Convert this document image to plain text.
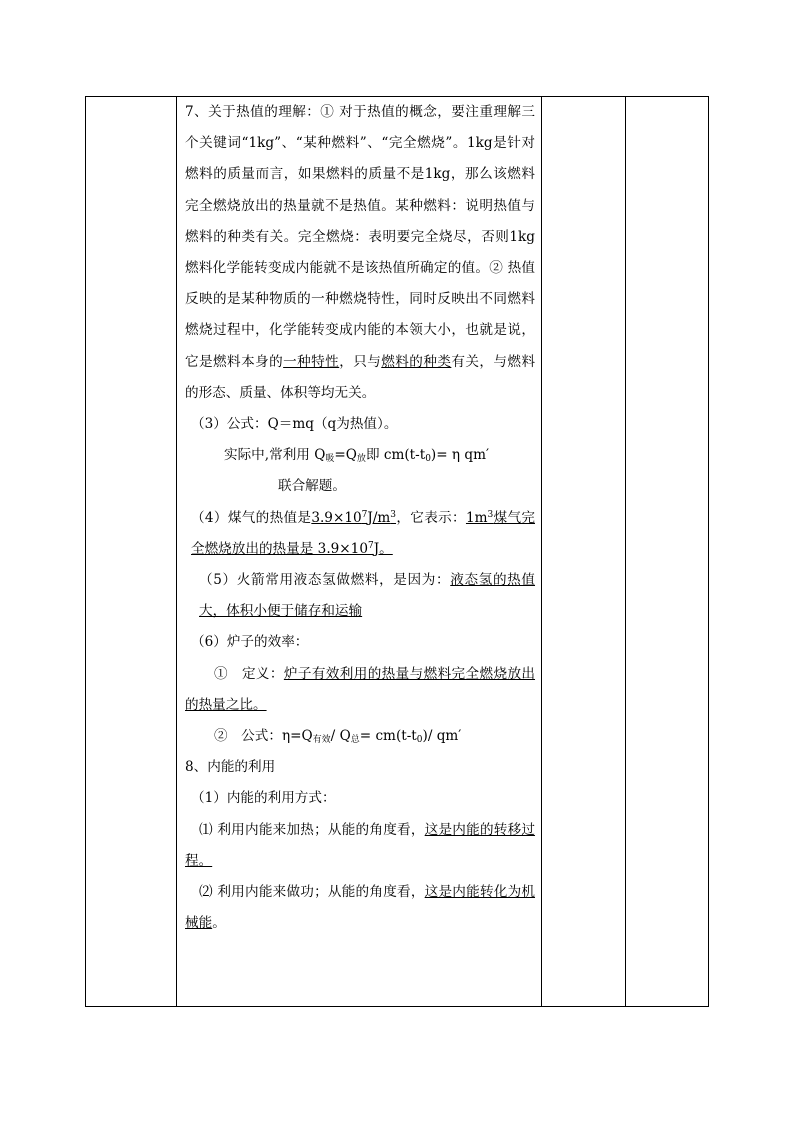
7、关于热值的理解：① 对于热值的概念，要注重理解三个关键词“1kg”、“某种燃料”、“完全燃烧”。1kg是针对燃料的质量而言，如果燃料的质量不是1kg，那么该燃料完全燃烧放出的热量就不是热值。某种燃料：说明热值与燃料的种类有关。完全燃烧：表明要完全烧尽，否则1kg燃料化学能转变成内能就不是该热值所确定的值。② 热值反映的是某种物质的一种燃烧特性，同时反映出不同燃料燃烧过程中，化学能转变成内能的本领大小，也就是说，它是燃料本身的一种特性，只与燃料的种类有关，与燃料的形态、质量、体积等均无关。

（3）公式：Q＝mq（q为热值）。

实际中,常利用 $Q_吸=Q_放$即 $cm(t-t_0)= \eta$ qm′

联合解题。

（4）煤气的热值是$3.9\times 10^7J/m^3$，它表示：$1m^3$煤气完全燃烧放出的热量是 $3.9\times 10^7J$。

（5）火箭常用液态氢做燃料，是因为：液态氢的热值大，体积小便于储存和运输

（6）炉子的效率：

①　定义：炉子有效利用的热量与燃料完全燃烧放出的热量之比。

②　公式：$\eta=Q_{有效}/$ $Q_总= cm(t-t_0)/$ qm′

8、内能的利用

（1）内能的利用方式：

⑴ 利用内能来加热；从能的角度看，这是内能的转移过程。

⑵ 利用内能来做功；从能的角度看，这是内能转化为机械能。
